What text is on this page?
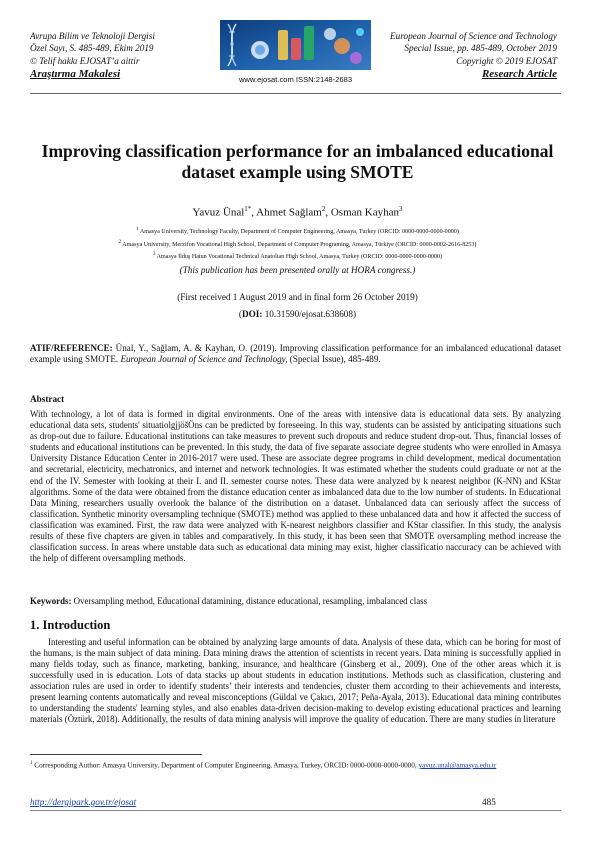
Avrupa Bilim ve Teknoloji Dergisi
Özel Sayı, S. 485-489, Ekim 2019
© Telif hakkı EJOSAT’a aittir
Araştırma Makalesi	www.ejosat.com ISSN:2148-2683
European Journal of Science and Technology
Special Issue, pp. 485-489, October 2019
Copyright © 2019 EJOSAT
Research Article
Improving classification performance for an imbalanced educational dataset example using SMOTE
Yavuz Ünal$^{1*}$, Ahmet Sağlam$^2$, Osman Kayhan$^3$
$^1$ Amasya University, Technology Faculty, Department of Computer Engineering, Amasya, Turkey (ORCID: 0000-0000-0000-0000)
$^2$ Amasya University, Merzifon Vocational High School, Department of Computer Programing, Amasya, Türkiye (ORCID: 0000-0002-2616-8253)
$^3$ Amasya İlduş Hatun Vocational Technical Anatolian High School, Amasya, Turkey (ORCID: 0000-0000-0000-0000)
(This publication has been presented orally at HORA congress.)
(First received 1 August 2019 and in final form 26 October 2019)
(DOI: 10.31590/ejosat.638608)
ATIF/REFERENCE: Ünal, Y., Sağlam, A. & Kayhan, O. (2019). Improving classification performance for an imbalanced educational dataset example using SMOTE. European Journal of Science and Technology, (Special Issue), 485-489.
Abstract
With technology, a lot of data is formed in digital environments. One of the areas with intensive data is educational data sets. By analyzing educational data sets, students' situatiolgjjöšÖns can be predicted by foreseeing. In this way, students can be assisted by anticipating situations such as drop-out due to failure. Educational institutions can take measures to prevent such dropouts and reduce student drop-out. Thus, financial losses of students and educational institutions can be prevented. In this study, the data of five separate associate degree students who were enrolled in Amasya University Distance Education Center in 2016-2017 were used. These are associate degree programs in child development, medical documentation and secretarial, electricity, mechatronics, and internet and network technologies. It was estimated whether the students could graduate or not at the end of the IV. Semester with looking at their I. and II. semester course notes. These data were analyzed by k nearest neighbor (K-NN) and KStar algorithms. Some of the data were obtained from the distance education center as imbalanced data due to the low number of students. In Educational Data Mining, researchers usually overlook the balance of the distribution on a dataset. Unbalanced data can seriously affect the success of classification. Synthetic minority oversampling technique (SMOTE) method was applied to these unbalanced data and how it affected the success of classification was examined. First, the raw data were analyzed with K-nearest neighbors classifier and KStar classifier. In this study, the analysis results of these five chapters are given in tables and comparatively. In this study, it has been seen that SMOTE oversampling method increase the classification success. In areas where unstable data such as educational data mining may exist, higher classificatio naccuracy can be achieved with the help of different oversampling methods.
Keywords: Oversampling method, Educational datamining, distance educational, resampling, imbalanced class
1. Introduction
Interesting and useful information can be obtained by analyzing large amounts of data. Analysis of these data, which can be boring for most of the humans, is the main subject of data mining. Data mining draws the attention of scientists in recent years. Data mining is successfully applied in many fields today, such as finance, marketing, banking, insurance, and healthcare (Ginsberg et al., 2009). One of the other areas which it is successfully used in is education. Lots of data stacks up about students in education institutions. Methods such as classification, clustering and association rules are used in order to identify students’ their interests and tendencies, cluster them according to their achievements and interests, present learning contents automatically and reveal misconceptions (Güldal ve Çakıcı, 2017; Peña-Ayala, 2013). Educational data mining contributes to understanding the students' learning styles, and also enables data-driven decision-making to develop existing educational practices and learning materials (Öztürk, 2018). Additionally, the results of data mining analysis will improve the quality of education. There are many studies in literature
$^1$ Corresponding Author: Amasya University, Department of Computer Engineering, Amasya, Turkey, ORCID: 0000-0000-0000-0000, yavuz.unal@amasya.edu.tr
http://dergipark.gov.tr/ejosat	485
